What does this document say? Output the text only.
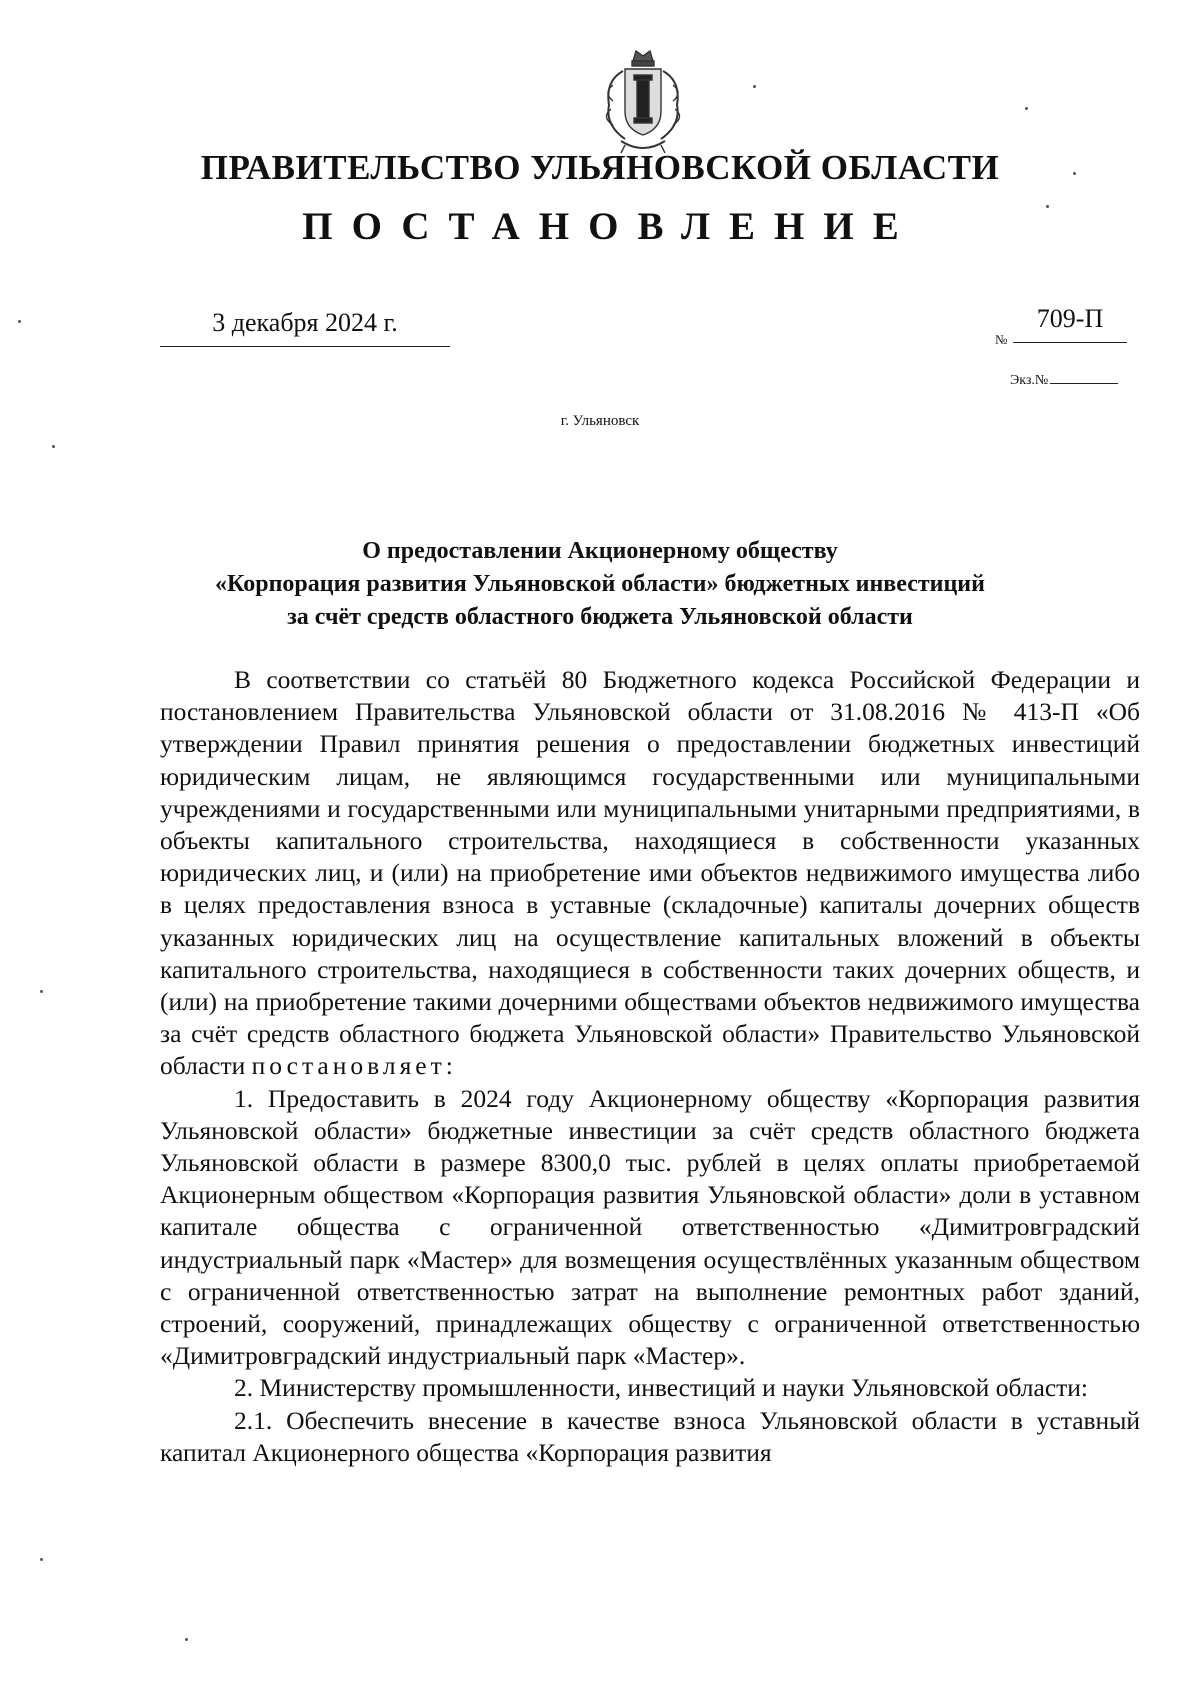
ПРАВИТЕЛЬСТВО УЛЬЯНОВСКОЙ ОБЛАСТИ
ПОСТАНОВЛЕНИЕ
3 декабря 2024 г.
№
709-П
Экз.№
г. Ульяновск
О предоставлении Акционерному обществу
«Корпорация развития Ульяновской области» бюджетных инвестиций
за счёт средств областного бюджета Ульяновской области

В соответствии со статьёй 80 Бюджетного кодекса Российской Федерации и постановлением Правительства Ульяновской области от 31.08.2016 № 413-П «Об утверждении Правил принятия решения о предоставлении бюджетных инвестиций юридическим лицам, не являющимся государственными или муниципальными учреждениями и государственными или муниципальными унитарными предприятиями, в объекты капитального строительства, находящиеся в собственности указанных юридических лиц, и (или) на приобретение ими объектов недвижимого имущества либо в целях предоставления взноса в уставные (складочные) капиталы дочерних обществ указанных юридических лиц на осуществление капитальных вложений в объекты капитального строительства, находящиеся в собственности таких дочерних обществ, и (или) на приобретение такими дочерними обществами объектов недвижимого имущества за счёт средств областного бюджета Ульяновской области» Правительство Ульяновской области постановляет:

1. Предоставить в 2024 году Акционерному обществу «Корпорация развития Ульяновской области» бюджетные инвестиции за счёт средств областного бюджета Ульяновской области в размере 8300,0 тыс. рублей в целях оплаты приобретаемой Акционерным обществом «Корпорация развития Ульяновской области» доли в уставном капитале общества с ограниченной ответственностью «Димитровградский индустриальный парк «Мастер» для возмещения осуществлённых указанным обществом с ограниченной ответственностью затрат на выполнение ремонтных работ зданий, строений, сооружений, принадлежащих обществу с ограниченной ответственностью «Димитровградский индустриальный парк «Мастер».

2. Министерству промышленности, инвестиций и науки Ульяновской области:

2.1. Обеспечить внесение в качестве взноса Ульяновской области в уставный капитал Акционерного общества «Корпорация развития
